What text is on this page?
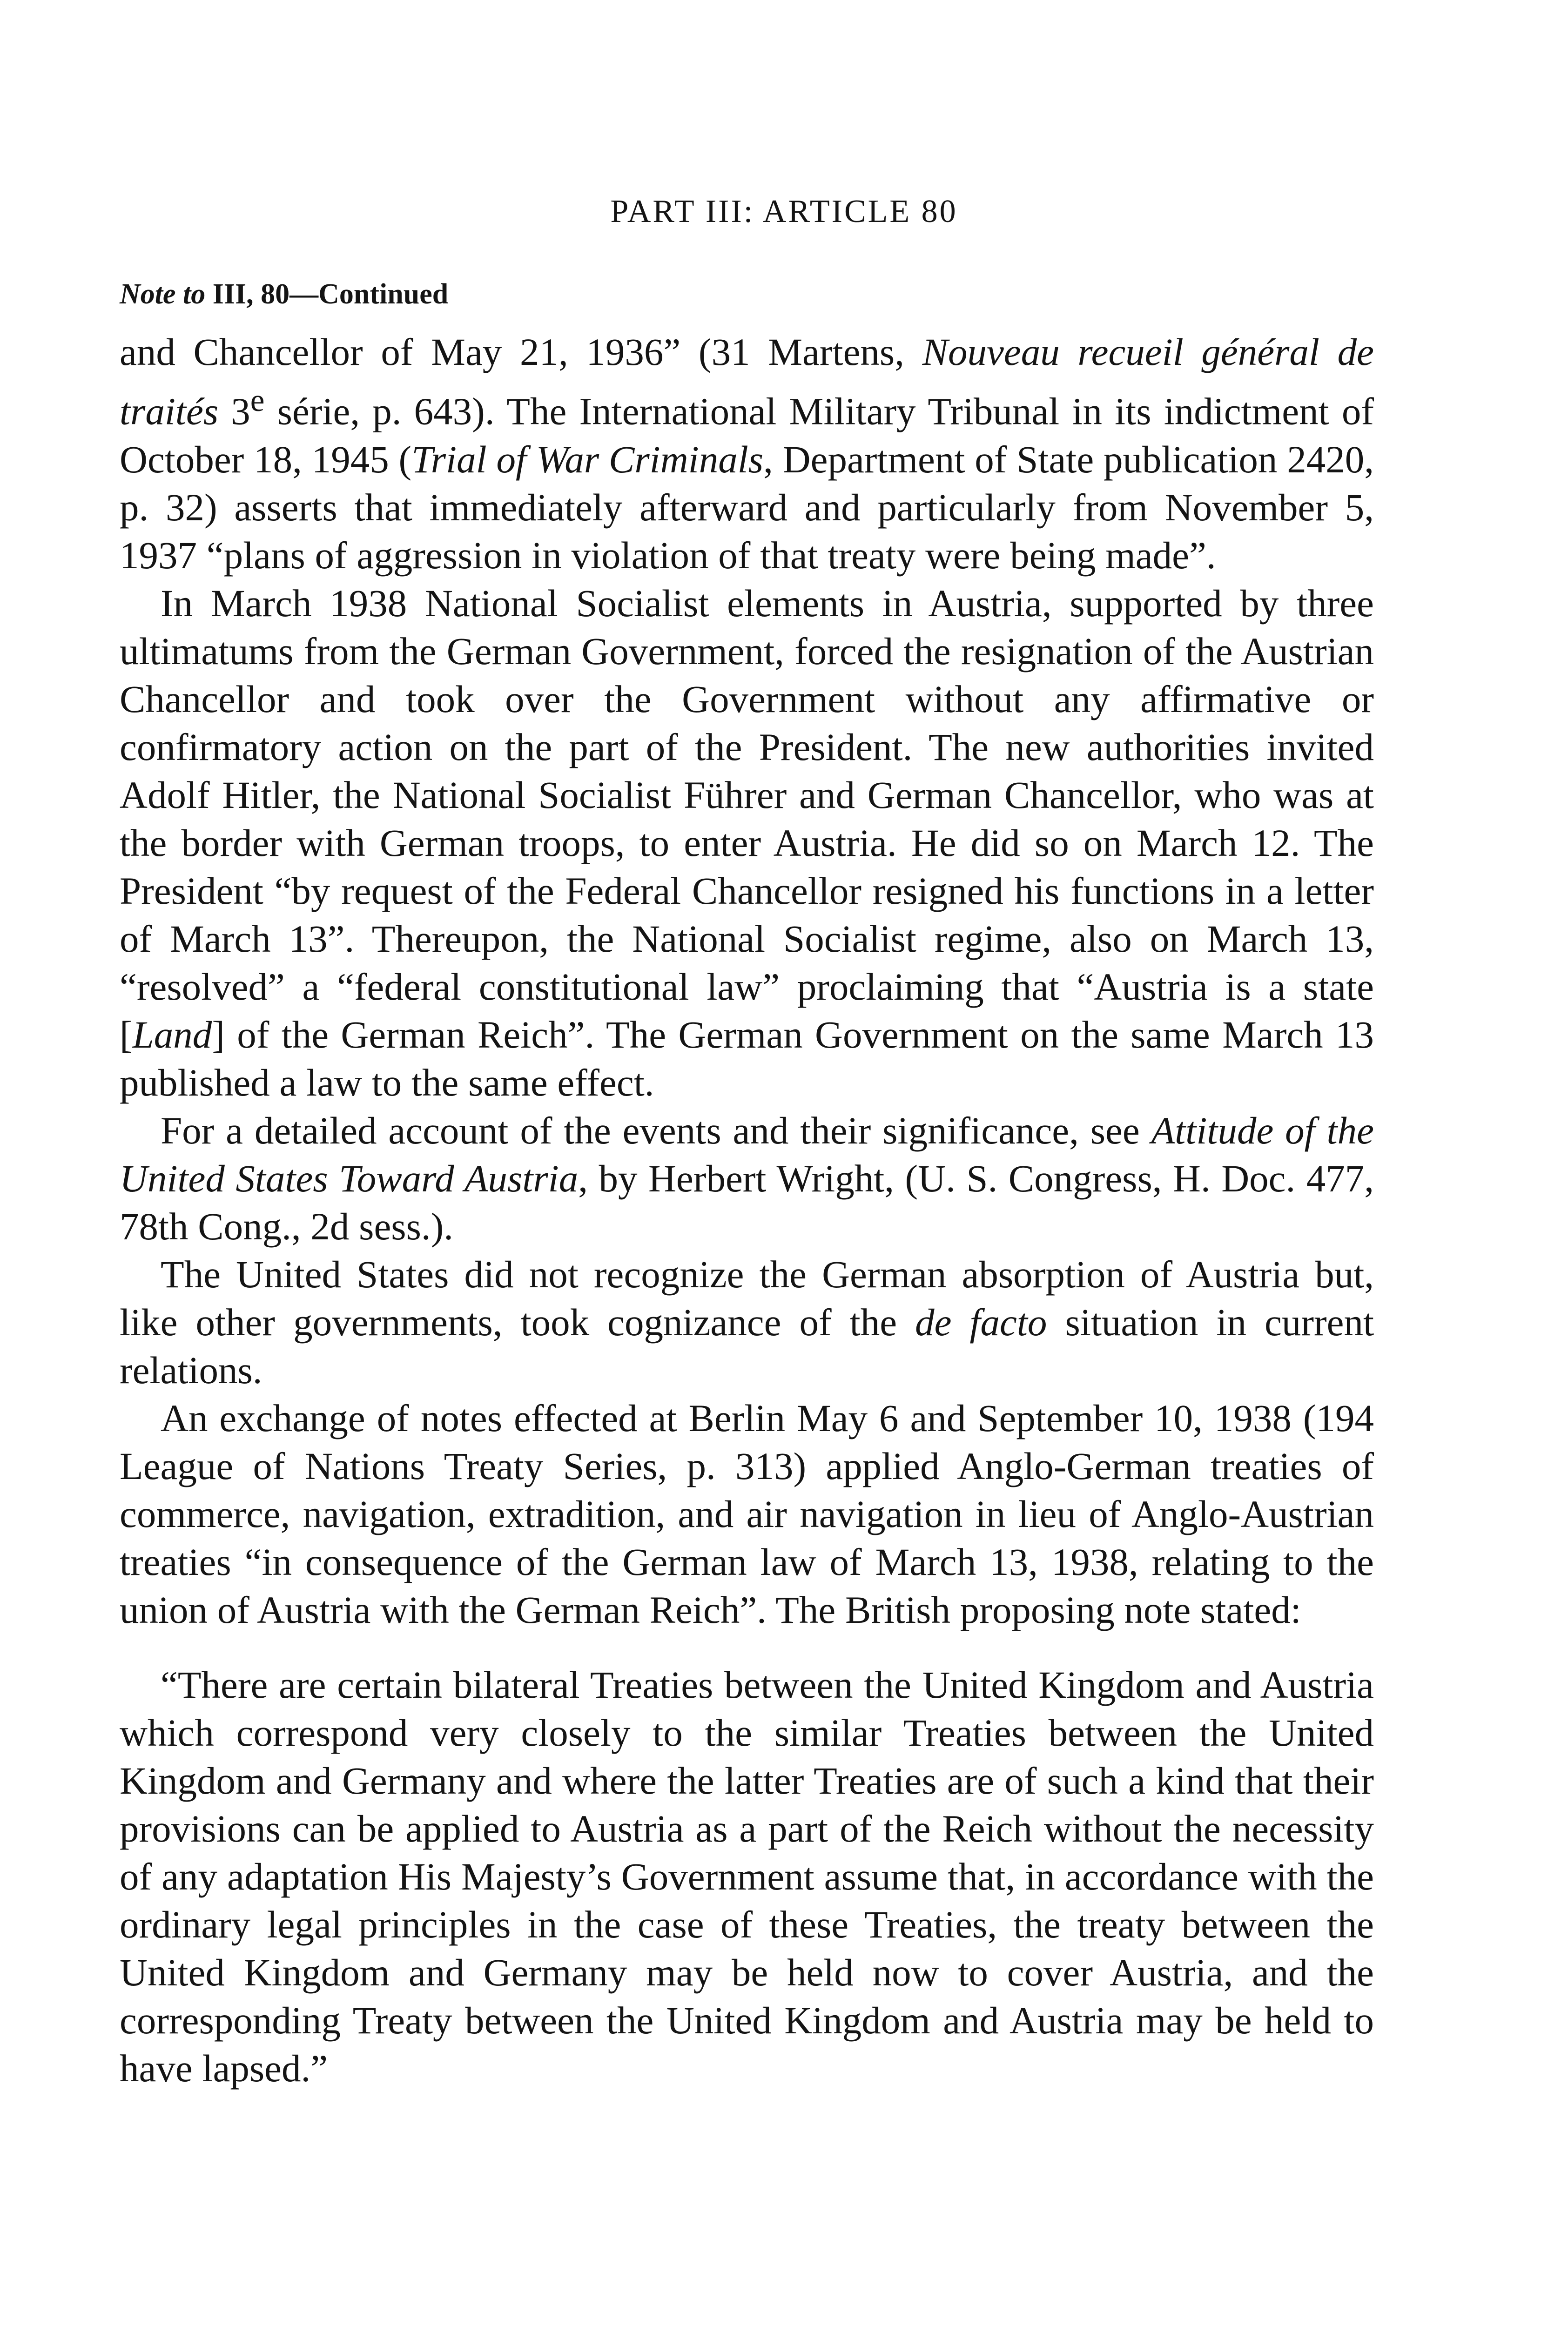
PART III: ARTICLE 80
Note to III, 80—Continued

and Chancellor of May 21, 1936” (31 Martens, Nouveau recueil général de traités 3e série, p. 643). The International Military Tribunal in its indictment of October 18, 1945 (Trial of War Criminals, Department of State publication 2420, p. 32) asserts that immediately afterward and particularly from November 5, 1937 “plans of aggression in violation of that treaty were being made”.

In March 1938 National Socialist elements in Austria, supported by three ultimatums from the German Government, forced the resignation of the Austrian Chancellor and took over the Government without any affirmative or confirmatory action on the part of the President. The new authorities invited Adolf Hitler, the National Socialist Führer and German Chancellor, who was at the border with German troops, to enter Austria. He did so on March 12. The President “by request of the Federal Chancellor resigned his functions in a letter of March 13”. Thereupon, the National Socialist regime, also on March 13, “resolved” a “federal constitutional law” proclaiming that “Austria is a state [Land] of the German Reich”. The German Government on the same March 13 published a law to the same effect.

For a detailed account of the events and their significance, see Attitude of the United States Toward Austria, by Herbert Wright, (U. S. Congress, H. Doc. 477, 78th Cong., 2d sess.).

The United States did not recognize the German absorption of Austria but, like other governments, took cognizance of the de facto situation in current relations.

An exchange of notes effected at Berlin May 6 and September 10, 1938 (194 League of Nations Treaty Series, p. 313) applied Anglo-German treaties of commerce, navigation, extradition, and air navigation in lieu of Anglo-Austrian treaties “in consequence of the German law of March 13, 1938, relating to the union of Austria with the German Reich”. The British proposing note stated:

“There are certain bilateral Treaties between the United Kingdom and Austria which correspond very closely to the similar Treaties between the United Kingdom and Germany and where the latter Treaties are of such a kind that their provisions can be applied to Austria as a part of the Reich without the necessity of any adaptation His Majesty’s Government assume that, in accordance with the ordinary legal principles in the case of these Treaties, the treaty between the United Kingdom and Germany may be held now to cover Austria, and the corresponding Treaty between the United Kingdom and Austria may be held to have lapsed.”
